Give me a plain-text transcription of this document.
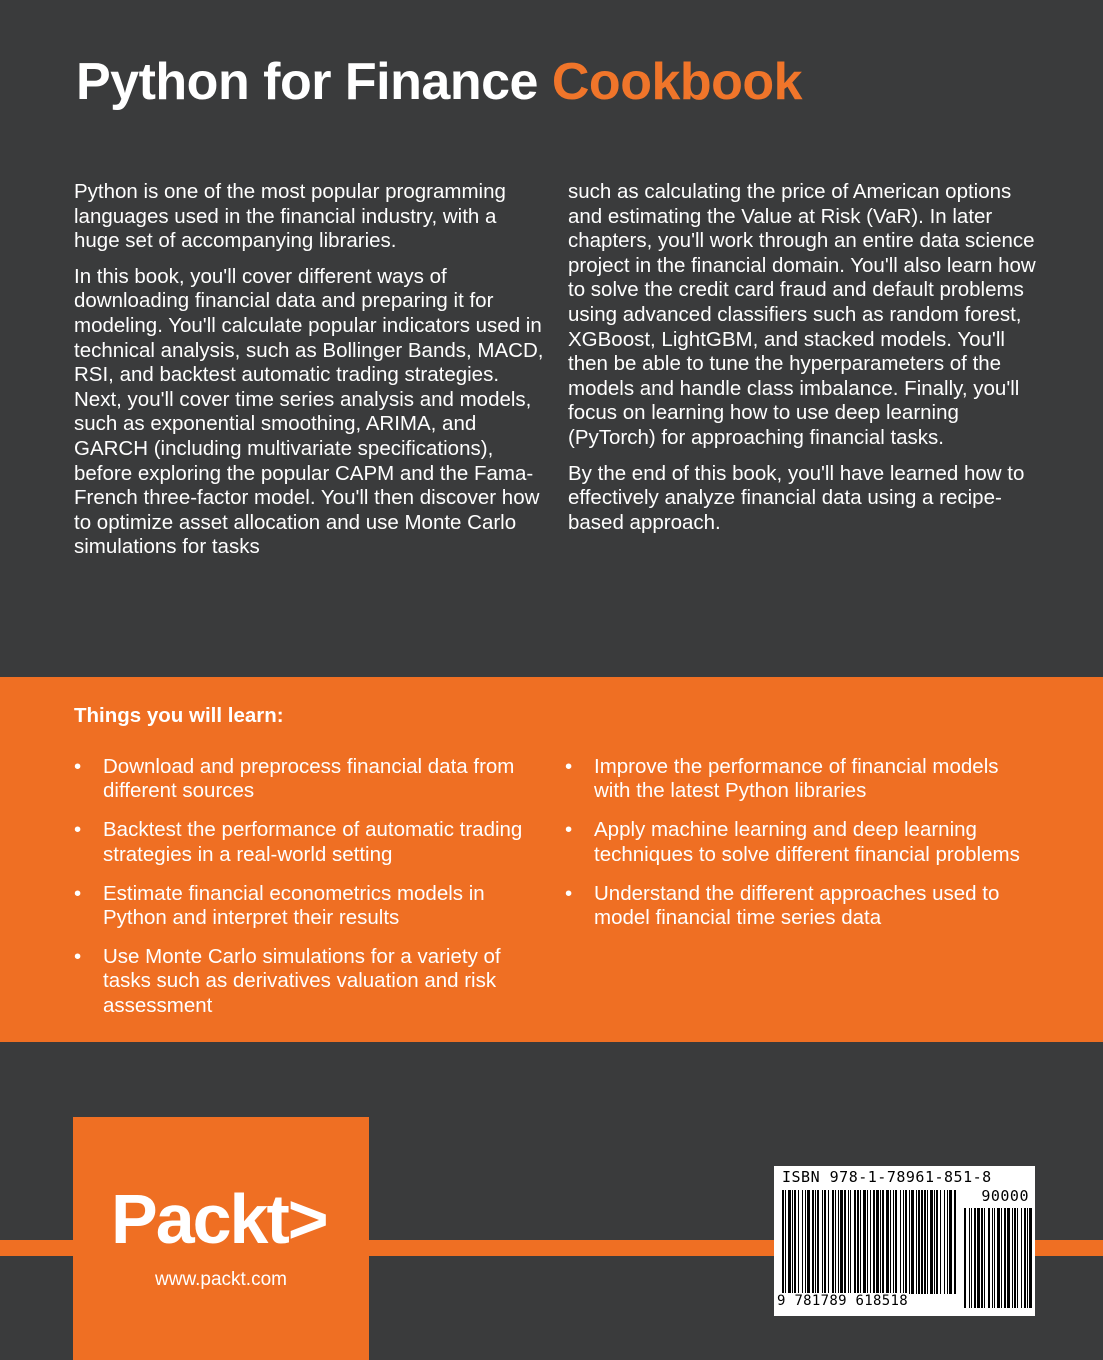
Python for Finance Cookbook

Python is one of the most popular programming languages used in the financial industry, with a huge set of accompanying libraries.

In this book, you'll cover different ways of downloading financial data and preparing it for modeling. You'll calculate popular indicators used in technical analysis, such as Bollinger Bands, MACD, RSI, and backtest automatic trading strategies. Next, you'll cover time series analysis and models, such as exponential smoothing, ARIMA, and GARCH (including multivariate specifications), before exploring the popular CAPM and the Fama-French three-factor model. You'll then discover how to optimize asset allocation and use Monte Carlo simulations for tasks

such as calculating the price of American options and estimating the Value at Risk (VaR). In later chapters, you'll work through an entire data science project in the financial domain. You'll also learn how to solve the credit card fraud and default problems using advanced classifiers such as random forest, XGBoost, LightGBM, and stacked models. You'll then be able to tune the hyperparameters of the models and handle class imbalance. Finally, you'll focus on learning how to use deep learning (PyTorch) for approaching financial tasks.

By the end of this book, you'll have learned how to effectively analyze financial data using a recipe-based approach.

Things you will learn:
• Download and preprocess financial data from different sources
• Backtest the performance of automatic trading strategies in a real-world setting
• Estimate financial econometrics models in Python and interpret their results
• Use Monte Carlo simulations for a variety of tasks such as derivatives valuation and risk assessment
• Improve the performance of financial models with the latest Python libraries
• Apply machine learning and deep learning techniques to solve different financial problems
• Understand the different approaches used to model financial time series data
Packt>
www.packt.com
ISBN 978-1-78961-851-8
90000
9 781789 618518
